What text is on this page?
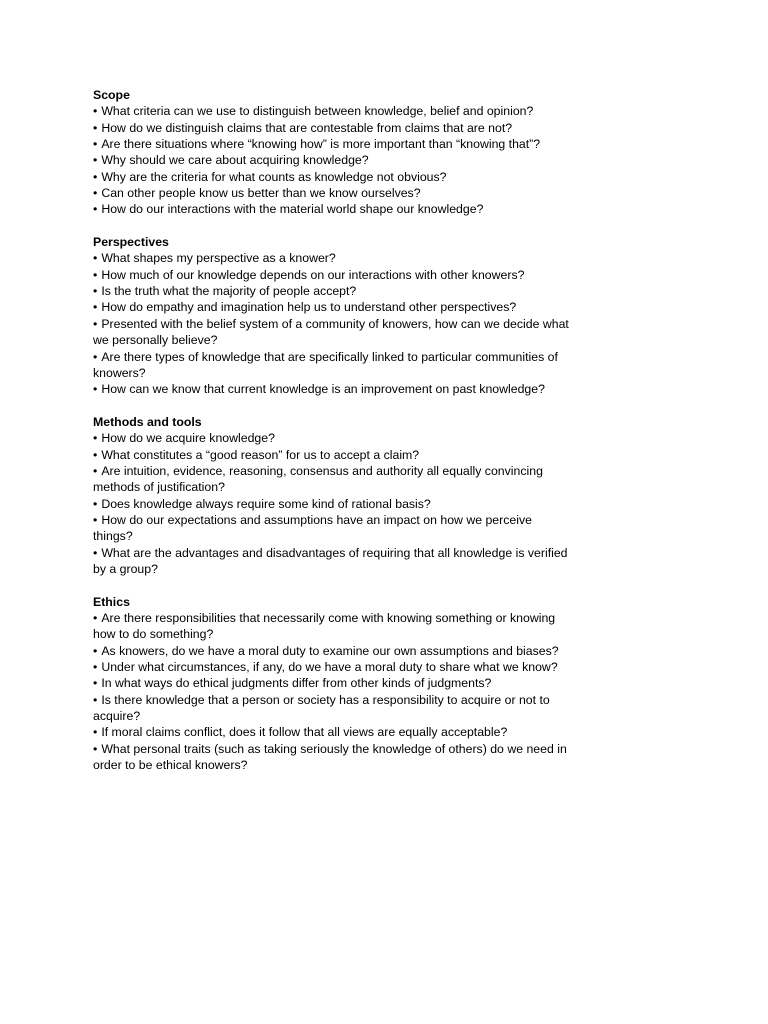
Scope
• What criteria can we use to distinguish between knowledge, belief and opinion?
• How do we distinguish claims that are contestable from claims that are not?
• Are there situations where “knowing how” is more important than “knowing that”?
• Why should we care about acquiring knowledge?
• Why are the criteria for what counts as knowledge not obvious?
• Can other people know us better than we know ourselves?
• How do our interactions with the material world shape our knowledge?
Perspectives
• What shapes my perspective as a knower?
• How much of our knowledge depends on our interactions with other knowers?
• Is the truth what the majority of people accept?
• How do empathy and imagination help us to understand other perspectives?
• Presented with the belief system of a community of knowers, how can we decide what we personally believe?
• Are there types of knowledge that are specifically linked to particular communities of knowers?
• How can we know that current knowledge is an improvement on past knowledge?
Methods and tools
• How do we acquire knowledge?
• What constitutes a “good reason” for us to accept a claim?
• Are intuition, evidence, reasoning, consensus and authority all equally convincing methods of justification?
• Does knowledge always require some kind of rational basis?
• How do our expectations and assumptions have an impact on how we perceive things?
• What are the advantages and disadvantages of requiring that all knowledge is verified by a group?
Ethics
• Are there responsibilities that necessarily come with knowing something or knowing how to do something?
• As knowers, do we have a moral duty to examine our own assumptions and biases?
• Under what circumstances, if any, do we have a moral duty to share what we know?
• In what ways do ethical judgments differ from other kinds of judgments?
• Is there knowledge that a person or society has a responsibility to acquire or not to acquire?
• If moral claims conflict, does it follow that all views are equally acceptable?
• What personal traits (such as taking seriously the knowledge of others) do we need in order to be ethical knowers?
